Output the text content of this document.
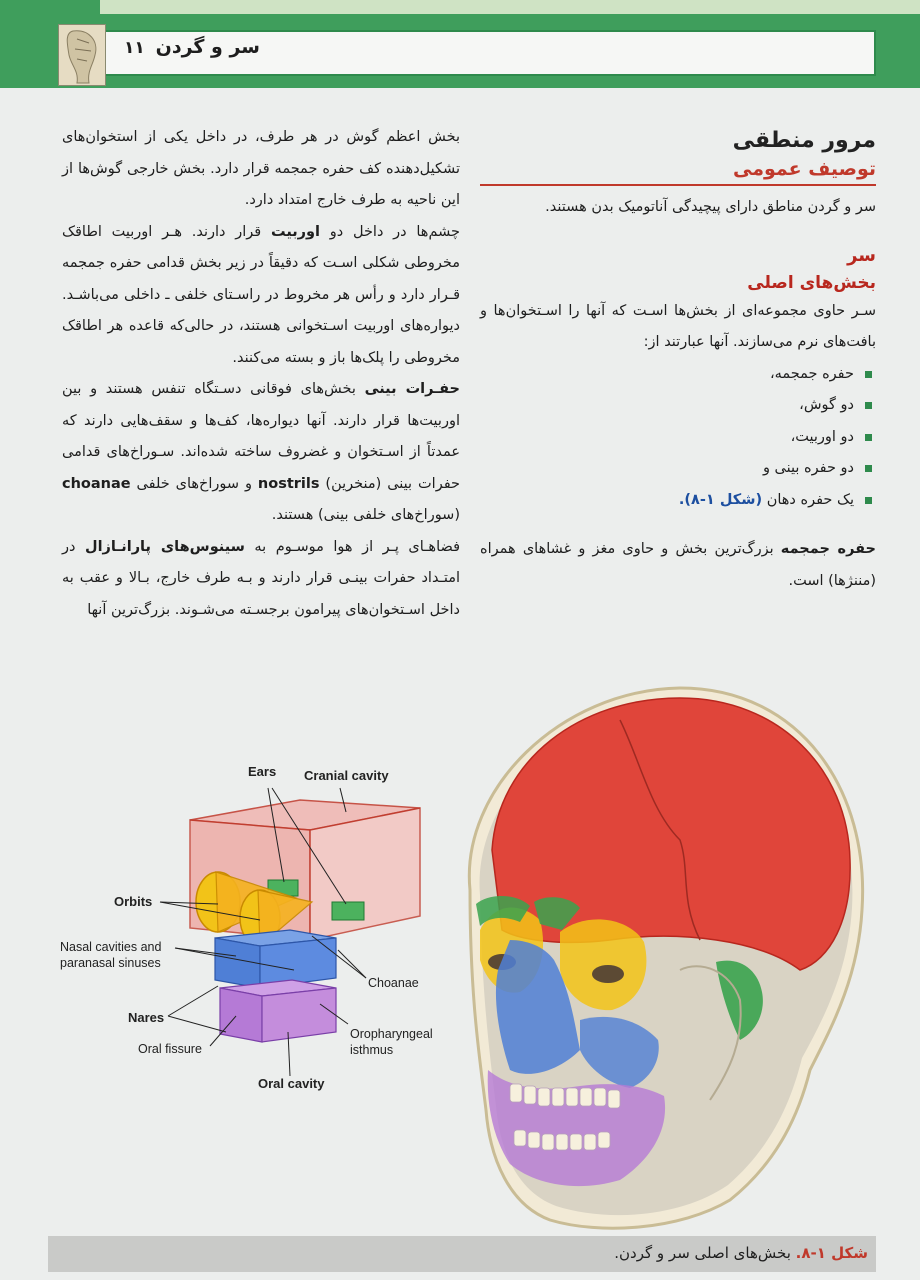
سر و گردن
۱۱
مرور منطقی
توصیف عمومی

سر و گردن مناطق دارای پیچیدگی آناتومیک بدن هستند.

سر
بخش‌های اصلی

سـر حاوی مجموعه‌ای از بخش‌ها اسـت که آنها را اسـتخوان‌ها و بافت‌های نرم می‌سازند. آنها عبارتند از:

حفره جمجمه،
دو گوش،
دو اوربیت،
دو حفره بینی و
یک حفره دهان (شکل ۱-۸).

حفره جمجمه بزرگ‌ترین بخش و حاوی مغز و غشاهای همراه (مننژها) است.

بخش اعظم گوش در هر طرف، در داخل یکی از استخوان‌های تشکیل‌دهنده کف حفره جمجمه قرار دارد. بخش خارجی گوش‌ها از این ناحیه به طرف خارج امتداد دارد.

چشم‌ها در داخل دو اوربیت قرار دارند. هـر اوربیت اطاقک مخروطی شکلی اسـت که دقیقاً در زیر بخش قدامی حفره جمجمه قـرار دارد و رأس هر مخروط در راسـتای خلفی ـ داخلی می‌باشـد. دیواره‌های اوربیت اسـتخوانی هستند، در حالی‌که قاعده هر اطاقک مخروطی را پلک‌ها باز و بسته می‌کنند.

حفـرات بینی بخش‌های فوقانی دسـتگاه تنفس هستند و بین اوربیت‌ها قرار دارند. آنها دیواره‌ها، کف‌ها و سقف‌هایی دارند که عمدتاً از اسـتخوان و غضروف ساخته شده‌اند. سـوراخ‌های قدامی حفرات بینی (منخرین) nostrils و سوراخ‌های خلفی choanae (سوراخ‌های خلفی بینی) هستند.

فضاهـای پـر از هوا موسـوم به سینوس‌های پارانـازال در امتـداد حفرات بینـی قرار دارند و بـه طرف خارج، بـالا و عقب به داخل اسـتخوان‌های پیرامون برجسـته می‌شـوند. بزرگ‌ترین آنها

Ears Cranial cavity
Orbits
Nasal cavities and
paranasal sinuses
Choanae
Nares
Oral fissure
Oropharyngeal
isthmus
Oral cavity
شکل ۱-۸. بخش‌های اصلی سر و گردن.
